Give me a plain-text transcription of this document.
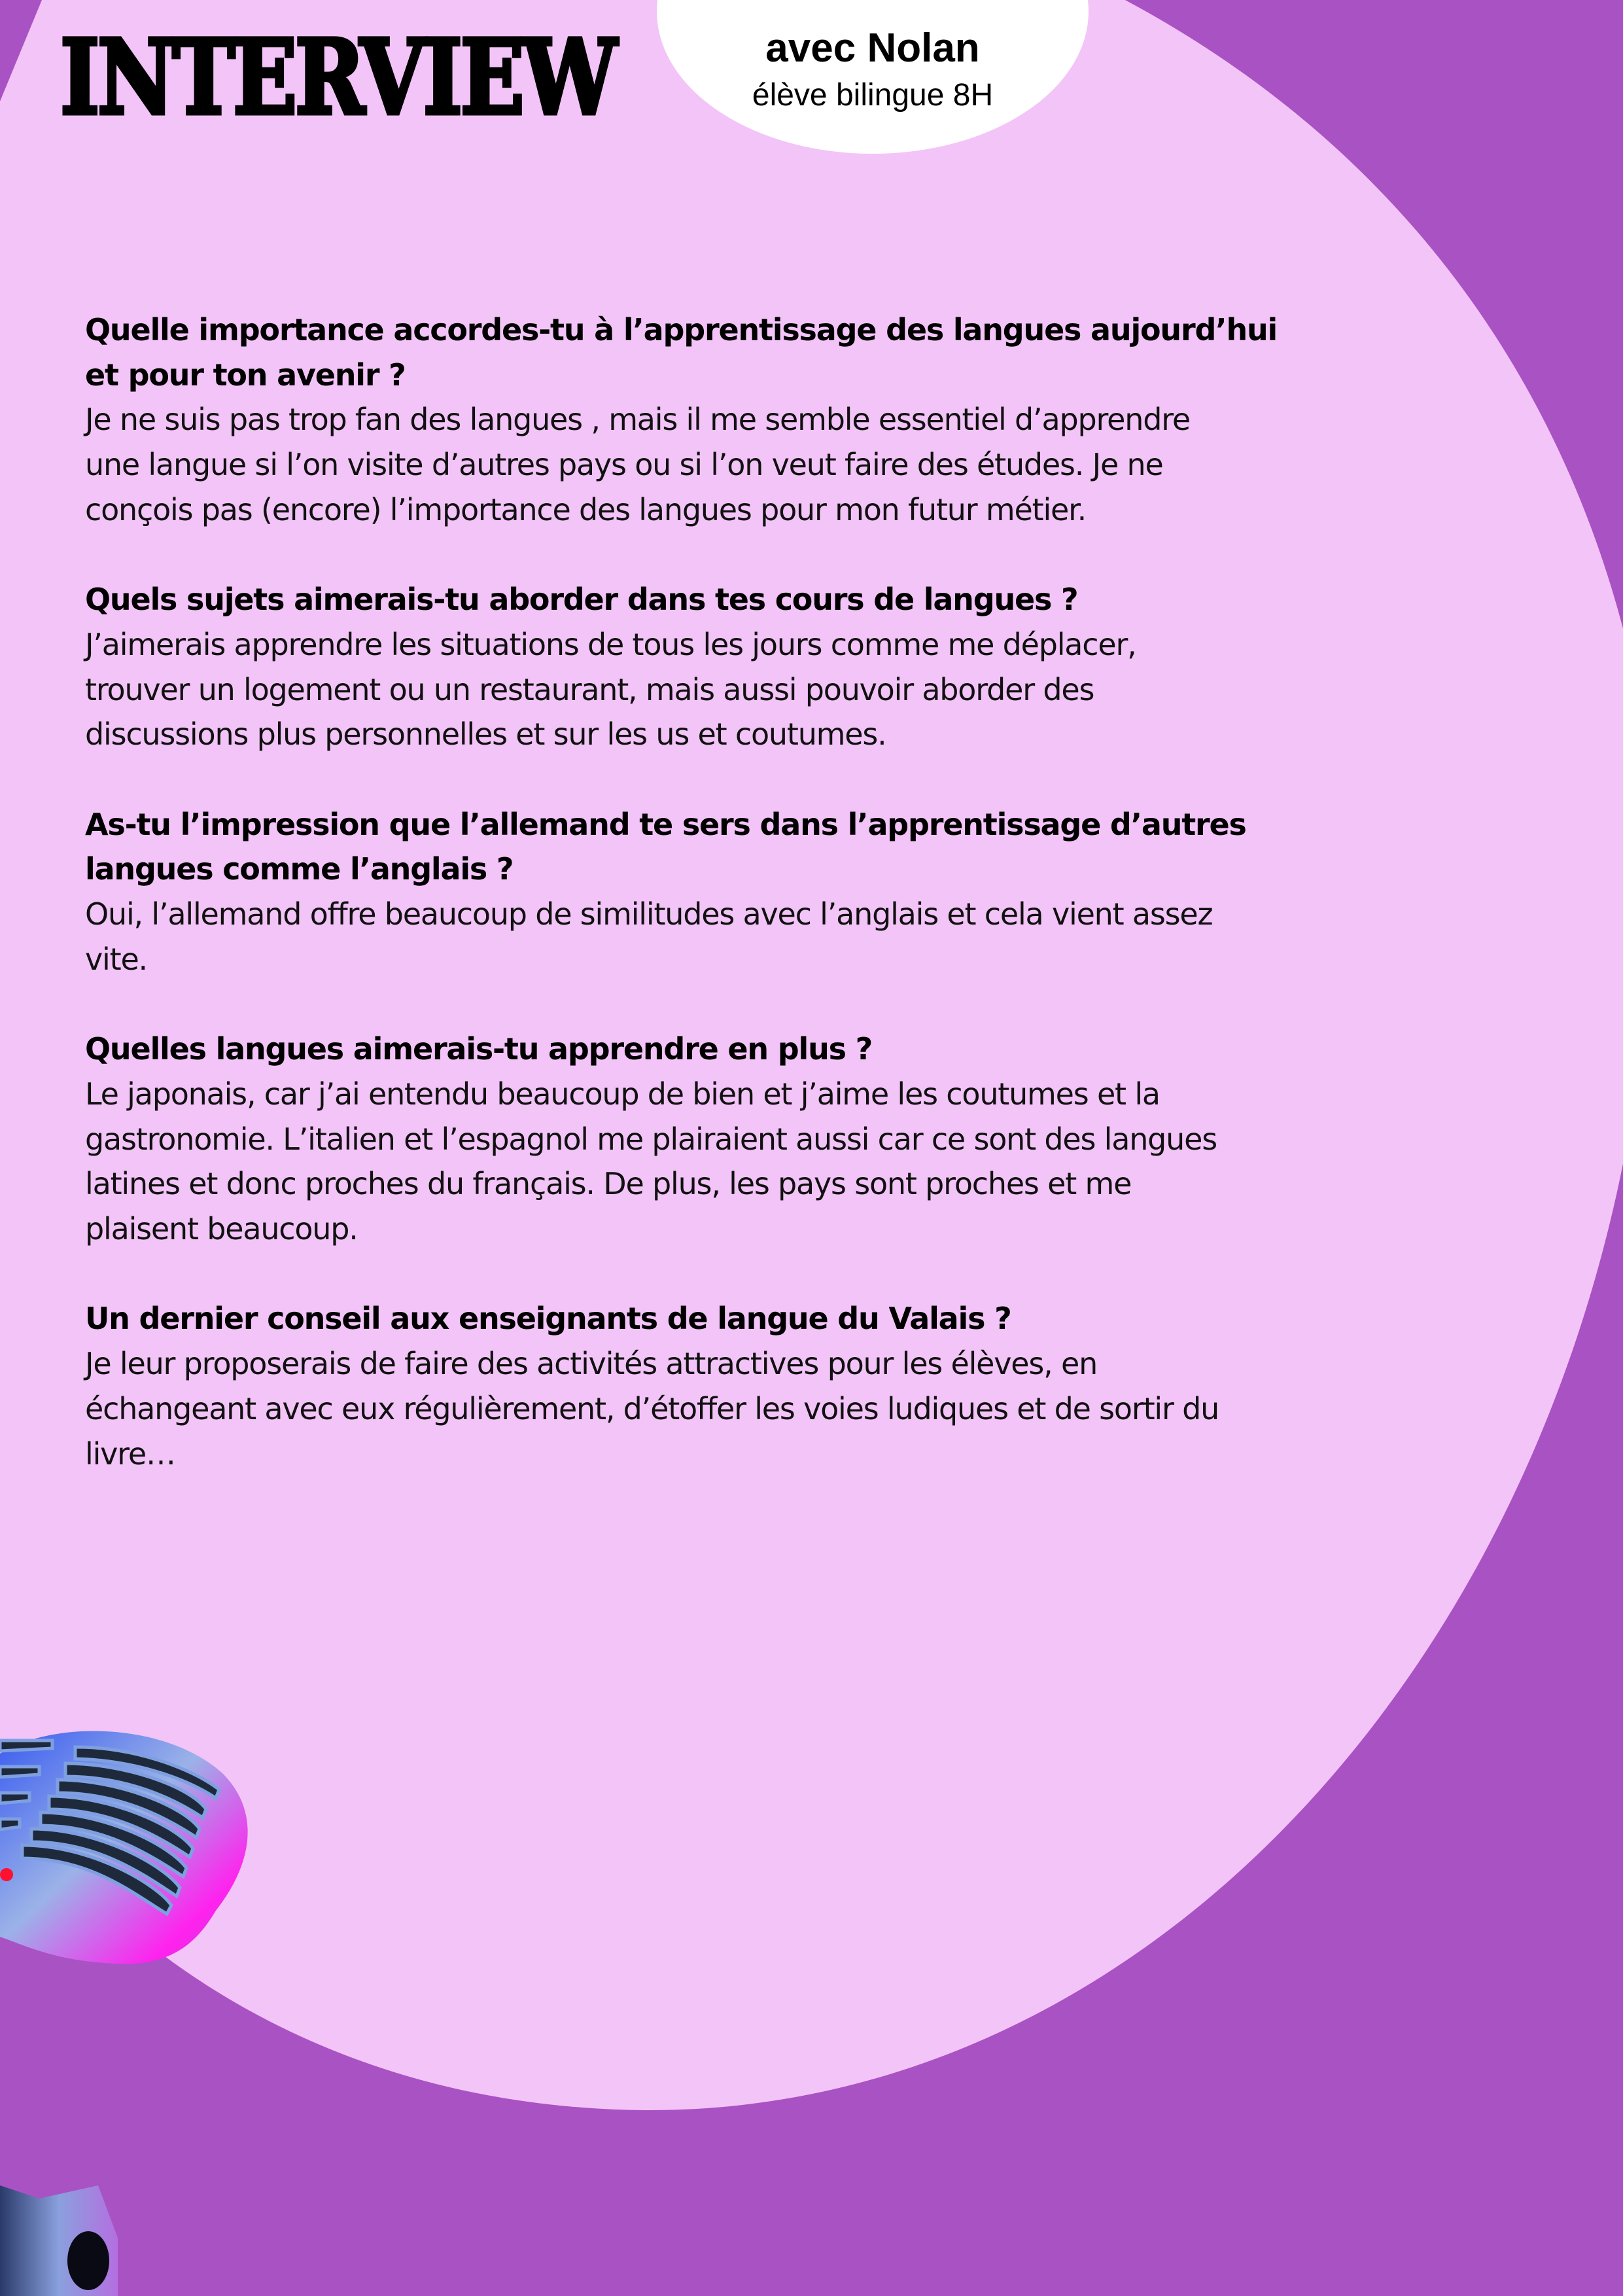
INTERVIEW	avec Nolan
élève bilingue 8H
Quelle importance accordes-tu à l’apprentissage des langues aujourd’hui
et pour ton avenir ?
Je ne suis pas trop fan des langues , mais il me semble essentiel d’apprendre
une langue si l’on visite d’autres pays ou si l’on veut faire des études. Je ne
conçois pas (encore) l’importance des langues pour mon futur métier.
Quels sujets aimerais-tu aborder dans tes cours de langues ?
J’aimerais apprendre les situations de tous les jours comme me déplacer,
trouver un logement ou un restaurant, mais aussi pouvoir aborder des
discussions plus personnelles et sur les us et coutumes.
As-tu l’impression que l’allemand te sers dans l’apprentissage d’autres
langues comme l’anglais ?
Oui, l’allemand offre beaucoup de similitudes avec l’anglais et cela vient assez
vite.
Quelles langues aimerais-tu apprendre en plus ?
Le japonais, car j’ai entendu beaucoup de bien et j’aime les coutumes et la
gastronomie. L’italien et l’espagnol me plairaient aussi car ce sont des langues
latines et donc proches du français. De plus, les pays sont proches et me
plaisent beaucoup.
Un dernier conseil aux enseignants de langue du Valais ?
Je leur proposerais de faire des activités attractives pour les élèves, en
échangeant avec eux régulièrement, d’étoffer les voies ludiques et de sortir du
livre…
